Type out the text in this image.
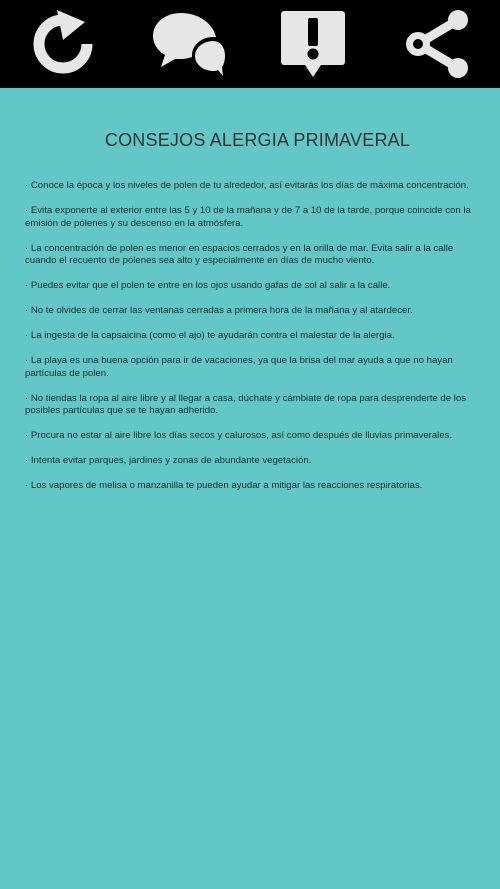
CONSEJOS ALERGIA PRIMAVERAL
· Conoce la época y los niveles de polen de tu alrededor, así evitarás los días de máxima concentración.
· Evita exponerte al exterior entre las 5 y 10 de la mañana y de 7 a 10 de la tarde, porque coincide con la emisión de pólenes y su descenso en la atmósfera.
· La concentración de polen es menor en espacios cerrados y en la orilla de mar. Evita salir a la calle cuando el recuento de pólenes sea alto y especialmente en días de mucho viento.
· Puedes evitar que el polen te entre en los ojos usando gafas de sol al salir a la calle.
· No te olvides de cerrar las ventanas cerradas a primera hora de la mañana y al atardecer.
· La ingesta de la capsaicina (como el ajo) te ayudarán contra el malestar de la alergia.
· La playa es una buena opción para ir de vacaciones, ya que la brisa del mar ayuda a que no hayan partículas de polen.
· No tiendas la ropa al aire libre y al llegar a casa, dúchate y cámbiate de ropa para desprenderte de los posibles partículas que se te hayan adherido.
· Procura no estar al aire libre los días secos y calurosos, así como después de lluvias primaverales.
· Intenta evitar parques, jardines y zonas de abundante vegetación.
· Los vapores de melisa o manzanilla te pueden ayudar a mitigar las reacciones respiratorias.
